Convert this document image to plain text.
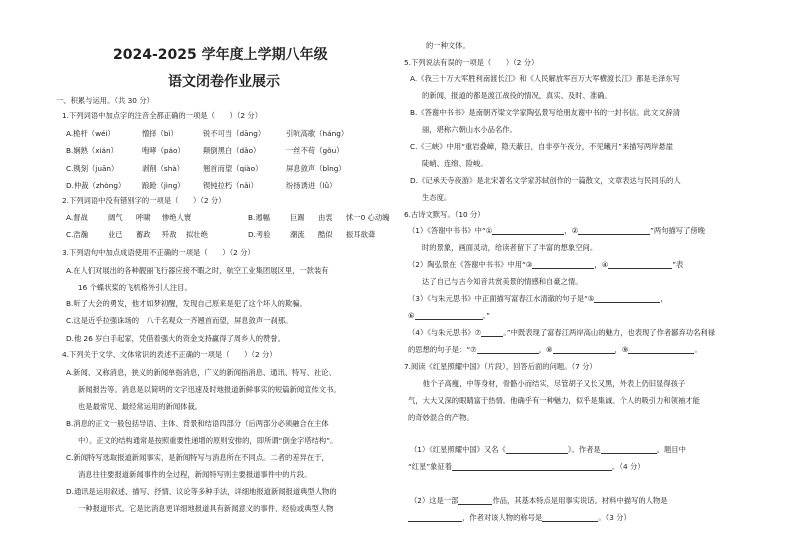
2024-2025 学年度上学期八年级
语文闭卷作业展示
一、积累与运用。（共 30 分）
1.下列词语中加点字的注音全都正确的一项是（　　）（2 分）
A.桅杆（wéi）	憎择（bì）	锐不可当（dāng）	引吭高歌（háng）
B.娴熟（xián）	咆哮（páo） 颠倒黑白（dǎo）	一丝不苟（gǒu）
C.镌刻（juān）	剥削（shà）	翘首而望（qiào）	屏息敛声（bǐng）
D.仲裁（zhòng） 踉跄（jìng）	锲钝拉朽（nǎi）	纷扬诱进（lǜ）
2.下列词语中没有错别字的一项是（　　）（2 分）
A.督战	阔气 呼啸 惨绝人寰	B.遏幅	巨踢 由衷 怵一0 心动魄
C.浩瀚	业已 蓄政 歼敌 拟壮绝	D.考验	潮流 酷似 振耳欲聋
3.下列语句中加点成语使用不正确的一项是（　　）（2 分）
A.在人们对展出的各种靓丽飞行器应接不暇之时，航空工业集团展区里，一款装有
16 个蝶状桨的飞机格外引人注目。
B.听了大会的勇发，他才如梦初醒，发现自己原来是犯了这个坏人的欺骗。
C.这是近乎拉强诛场的　八千名观众一齐翘首而望，屏息敛声一刹那。
D.他 26 岁白手起家，凭借着强大的资金支持赢得了周乡人的赞誉。
4.下列关于文学、文体常识的表述不正确的一项是（　　）（2 分）
A.新闻、又称消息，狭义的新闻单指消息，广义的新闻指消息、通讯、特写、社论、
新闻报告等。消息是以简明的文字迅速及时地报道新鲜事实的短篇新闻宣传文书。
也是最常见、最经常运用的新闻体裁。
B.消息的正文一般包括导语、主体、背景和结语四部分（后两部分必须融合在主体
中）。正文的结构通常是按照重要性递增的原则安排的，即所谓“倒金字塔结构”。
C.新闻特写选取报道新闻事实，是新闻特写与消息所在不同点。二者的差异在于，
消息往往要报道新闻事件的全过程，新闻特写则主要报道事件中的片段。
D.通讯是运用叙述、描写、抒情、议论等多种手法，详细地报道新闻报道典型人物的
一种报道形式。它是比消息更详细地报道具有新闻意义的事件、经验或典型人物
的一种文体。
5.下列说法有误的一项是（　　）（2 分）
A.《我三十万大军胜利南渡长江》和《人民解放军百万大军横渡长江》都是毛泽东写
的新闻，报道的都是渡江战役的情况，真实、及时、准确。
B.《答谢中书书》是南朝齐梁文学家陶弘景写给朋友谢中书的一封书信。此文文辞清
丽，堪称六朝山水小品名作。
C.《三峡》中用“重岩叠嶂，隐天蔽日，自非亭午夜分，不见曦月”来描写两岸悬崖
陡峭、连绵、险峻。
D.《记承天寺夜游》是北宋著名文学家苏轼创作的一篇散文，文章表达与民同乐的人
生态度。
6.古诗文默写。（10 分）
（1）《答谢中书书》中“①	，②	”两句描写了傍晚
时的景象，画面灵动，给读者留下了丰富的想象空间。
（2）陶弘景在《答谢中书书》中用“③	，④	”表
达了自己与古今知音共赏美景的情感和自豪之情。
（3）《与朱元思书》中正面描写富春江水清澈的句子是“⑤	，
⑥	。”
（4）《与朱元思书》⑦	。”中既表现了富春江两岸高山的魅力，也表现了作者鄙弃功名利禄
的思想的句子是：“⑦	，⑧	，⑨	。
7.阅读《红星照耀中国》（片段），回答后面的问题。（7 分）
　　他个子高瘦，中等身材，骨骼小而结实，尽管胡子又长又黑，外表上仍旧显得孩子
气，大大又深的眼睛富于热情。他确乎有一种魅力，似乎是集诚、个人的吸引力和领袖才能
的奇妙混合的产物。
（1）《红星照耀中国》又名《	》。作者是	。题目中
“红星”象征着	。（4 分）
（2）这是一部	作品，其基本特点是用事实说话。材料中描写的人物是
，作者对该人物的称号是	。（3 分）
